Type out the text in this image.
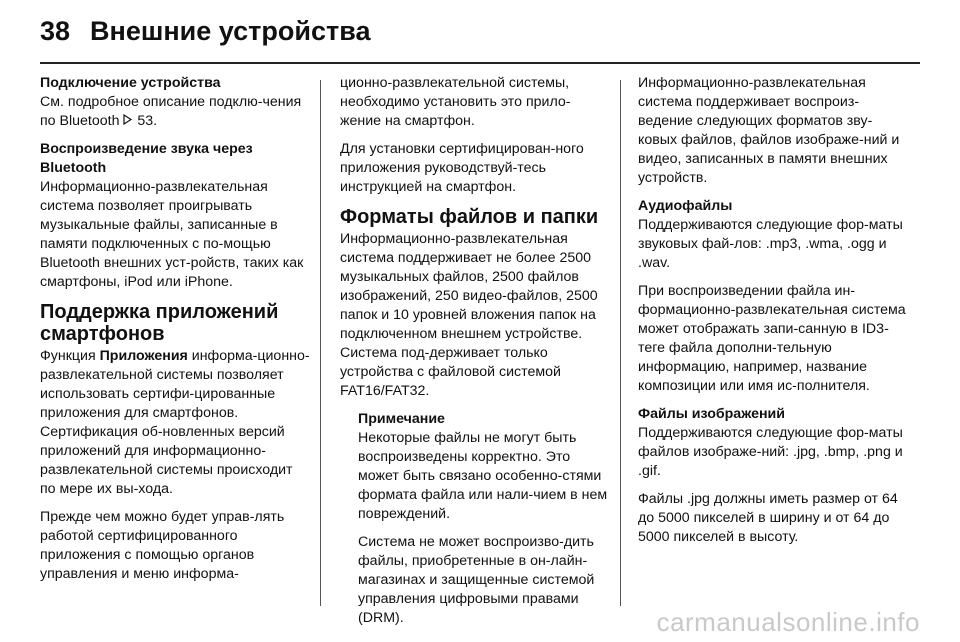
38 Внешние устройства
Подключение устройства
См. подробное описание подклю-чения по Bluetooth 53.
Воспроизведение звука через Bluetooth
Информационно-развлекательная система позволяет проигрывать музыкальные файлы, записанные в памяти подключенных с по-мощью Bluetooth внешних уст-ройств, таких как смартфоны, iPod или iPhone.
Поддержка приложений смартфонов
Функция Приложения информа-ционно-развлекательной системы позволяет использовать сертифи-цированные приложения для смартфонов. Сертификация об-новленных версий приложений для информационно-развлекательной системы происходит по мере их вы-хода.
Прежде чем можно будет управ-лять работой сертифицированного приложения с помощью органов управления и меню информа-
ционно-развлекательной системы, необходимо установить это прило-жение на смартфон.
Для установки сертифицирован-ного приложения руководствуй-тесь инструкцией на смартфон.
Форматы файлов и папки
Информационно-развлекательная система поддерживает не более 2500 музыкальных файлов, 2500 файлов изображений, 250 видео-файлов, 2500 папок и 10 уровней вложения папок на подключенном внешнем устройстве. Система под-держивает только устройства с файловой системой FAT16/FAT32.
Примечание
Некоторые файлы не могут быть воспроизведены корректно. Это может быть связано особенно-стями формата файла или нали-чием в нем повреждений.
Система не может воспроизво-дить файлы, приобретенные в он-лайн-магазинах и защищенные системой управления цифровыми правами (DRM).
Информационно-развлекательная система поддерживает воспроиз-ведение следующих форматов зву-ковых файлов, файлов изображе-ний и видео, записанных в памяти внешних устройств.
Аудиофайлы
Поддерживаются следующие фор-маты звуковых фай-лов: .mp3, .wma, .ogg и .wav.
При воспроизведении файла ин-формационно-развлекательная система может отображать запи-санную в ID3-теге файла дополни-тельную информацию, например, название композиции или имя ис-полнителя.
Файлы изображений
Поддерживаются следующие фор-маты файлов изображе-ний: .jpg, .bmp, .png и .gif.
Файлы .jpg должны иметь размер от 64 до 5000 пикселей в ширину и от 64 до 5000 пикселей в высоту.
carmanualsonline.info
